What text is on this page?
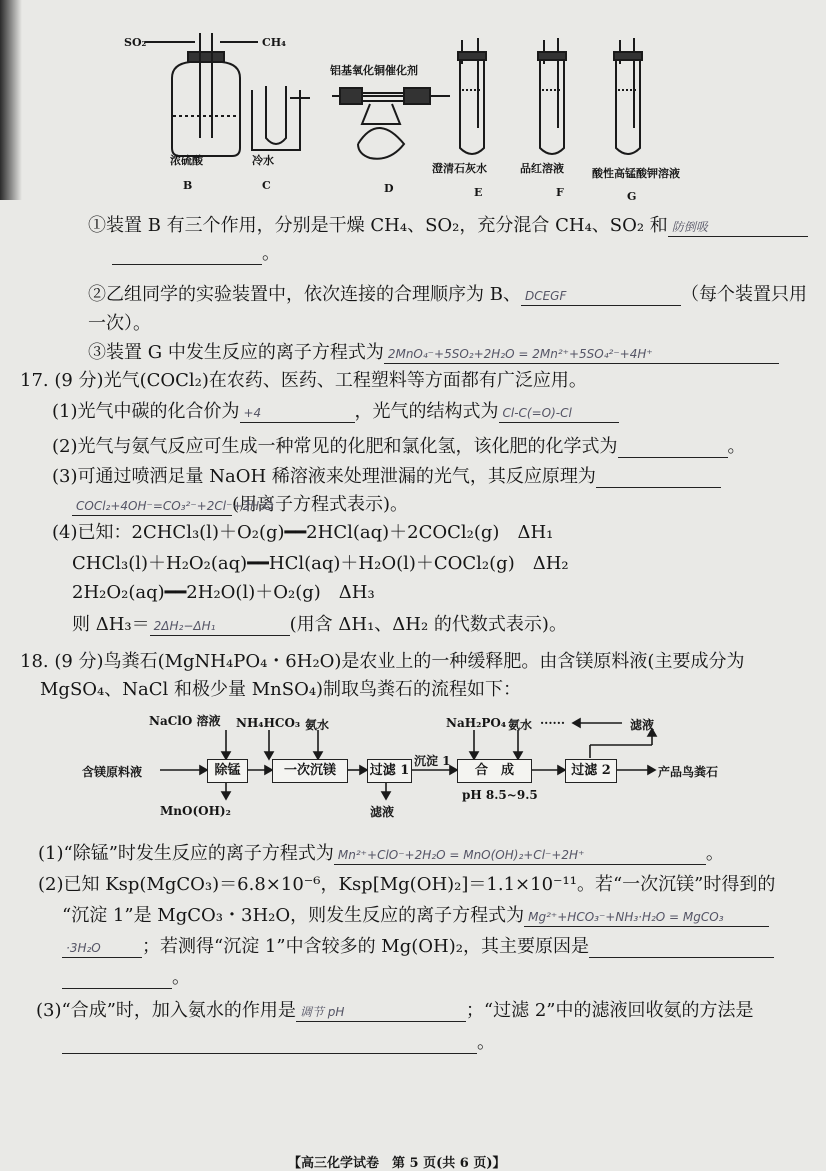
SO₂	CH₄
铝基氧化铜催化剂
浓硫酸	冷水
澄清石灰水	品红溶液	酸性高锰酸钾溶液
B	C	D	E	F	G
①装置 B 有三个作用，分别是干燥 CH₄、SO₂，充分混合 CH₄、SO₂ 和 防倒吸
。
②乙组同学的实验装置中，依次连接的合理顺序为 B、 DCEGF	（每个装置只用
一次）。
③装置 G 中发生反应的离子方程式为 2MnO₄⁻+5SO₂+2H₂O = 2Mn²⁺+5SO₄²⁻+4H⁺
17. (9 分)光气(COCl₂)在农药、医药、工程塑料等方面都有广泛应用。
(1)光气中碳的化合价为 +4	，光气的结构式为 Cl-C(=O)-Cl
(2)光气与氨气反应可生成一种常见的化肥和氯化氢，该化肥的化学式为	。
(3)可通过喷洒足量 NaOH 稀溶液来处理泄漏的光气，其反应原理为
COCl₂+4OH⁻=CO₃²⁻+2Cl⁻+2H₂O
(用离子方程式表示)。
(4)已知：2CHCl₃(l)＋O₂(g)━━2HCl(aq)＋2COCl₂(g)　ΔH₁
CHCl₃(l)＋H₂O₂(aq)━━HCl(aq)＋H₂O(l)＋COCl₂(g)　ΔH₂
2H₂O₂(aq)━━2H₂O(l)＋O₂(g)　ΔH₃
则 ΔH₃＝ 2ΔH₂−ΔH₁	(用含 ΔH₁、ΔH₂ 的代数式表示)。
18. (9 分)鸟粪石(MgNH₄PO₄・6H₂O)是农业上的一种缓释肥。由含镁原料液(主要成分为
MgSO₄、NaCl 和极少量 MnSO₄)制取鸟粪石的流程如下：
除锰	一次沉镁	过滤 1	合　成	过滤 2
含镁原料液	产品鸟粪石
NaClO 溶液 NH₄HCO₃ 氨水	NaH₂PO₄ 氨水 ······	滤液
MnO(OH)₂	滤液
沉淀 1
pH 8.5~9.5
(1)“除锰”时发生反应的离子方程式为 Mn²⁺+ClO⁻+2H₂O = MnO(OH)₂+Cl⁻+2H⁺	。
(2)已知 Ksp(MgCO₃)＝6.8×10⁻⁶，Ksp[Mg(OH)₂]＝1.1×10⁻¹¹。若“一次沉镁”时得到的
“沉淀 1”是 MgCO₃・3H₂O，则发生反应的离子方程式为 Mg²⁺+HCO₃⁻+NH₃·H₂O = MgCO₃
·3H₂O ；若测得“沉淀 1”中含较多的 Mg(OH)₂，其主要原因是
。
(3)“合成”时，加入氨水的作用是 调节 pH	；“过滤 2”中的滤液回收氨的方法是
。
【高三化学试卷　第 5 页(共 6 页)】
